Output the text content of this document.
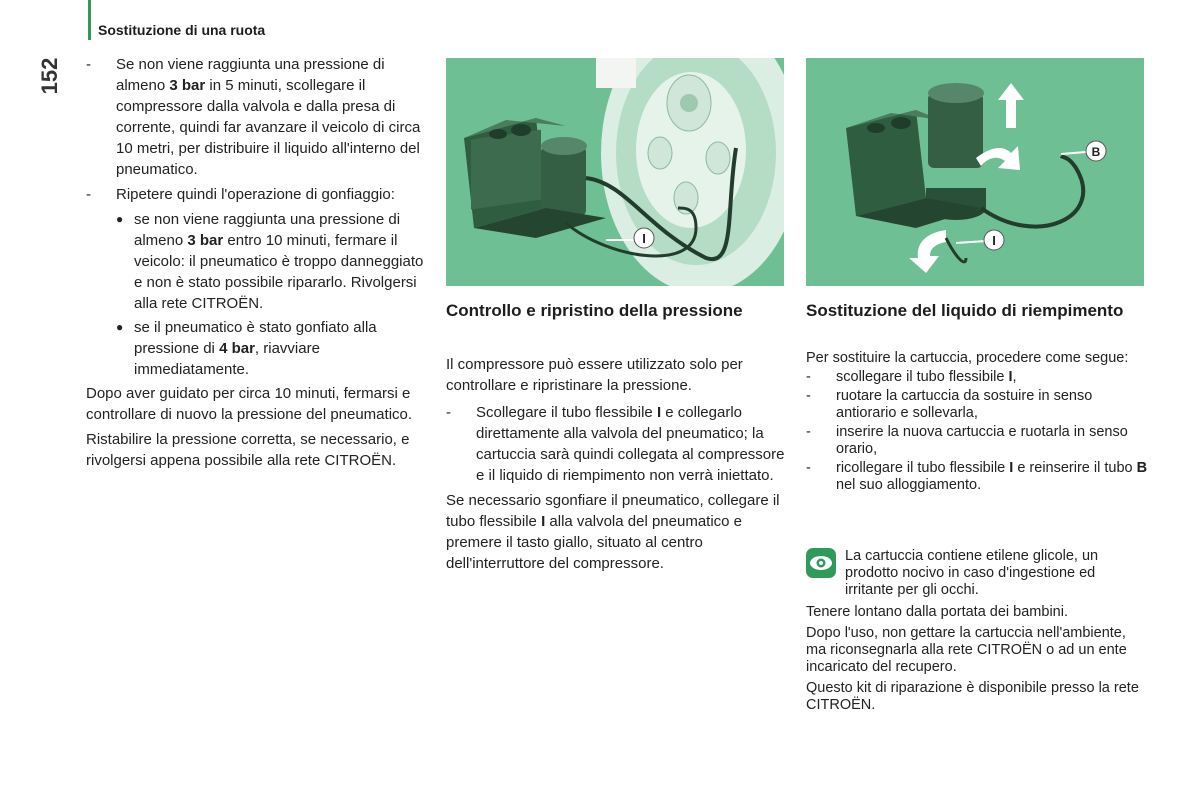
Sostituzione di una ruota
152	- Se non viene raggiunta una pressione di almeno 3 bar in 5 minuti, scollegare il compressore dalla valvola e dalla presa di corrente, quindi far avanzare il veicolo di circa 10 metri, per distribuire il liquido all'interno del pneumatico.
- Ripetere quindi l'operazione di gonfiaggio:
● se non viene raggiunta una pressione di almeno 3 bar entro 10 minuti, fermare il veicolo: il pneumatico è troppo danneggiato e non è stato possibile ripararlo. Rivolgersi alla rete CITROËN.
● se il pneumatico è stato gonfiato alla pressione di 4 bar, riavviare immediatamente.

Dopo aver guidato per circa 10 minuti, fermarsi e controllare di nuovo la pressione del pneumatico.

Ristabilire la pressione corretta, se necessario, e rivolgersi appena possibile alla rete CITROËN.

I
B
I
Controllo e ripristino della pressione

Il compressore può essere utilizzato solo per controllare e ripristinare la pressione.

- Scollegare il tubo flessibile I e collegarlo direttamente alla valvola del pneumatico; la cartuccia sarà quindi collegata al compressore e il liquido di riempimento non verrà iniettato.

Se necessario sgonfiare il pneumatico, collegare il tubo flessibile I alla valvola del pneumatico e premere il tasto giallo, situato al centro dell'interruttore del compressore.

Sostituzione del liquido di riempimento

Per sostituire la cartuccia, procedere come segue:

- scollegare il tubo flessibile I,
- ruotare la cartuccia da sostuire in senso antiorario e sollevarla,
- inserire la nuova cartuccia e ruotarla in senso orario,
- ricollegare il tubo flessibile I e reinserire il tubo B nel suo alloggiamento.

La cartuccia contiene etilene glicole, un prodotto nocivo in caso d'ingestione ed irritante per gli occhi.

Tenere lontano dalla portata dei bambini.

Dopo l'uso, non gettare la cartuccia nell'ambiente, ma riconsegnarla alla rete CITROËN o ad un ente incaricato del recupero.

Questo kit di riparazione è disponibile presso la rete CITROËN.
